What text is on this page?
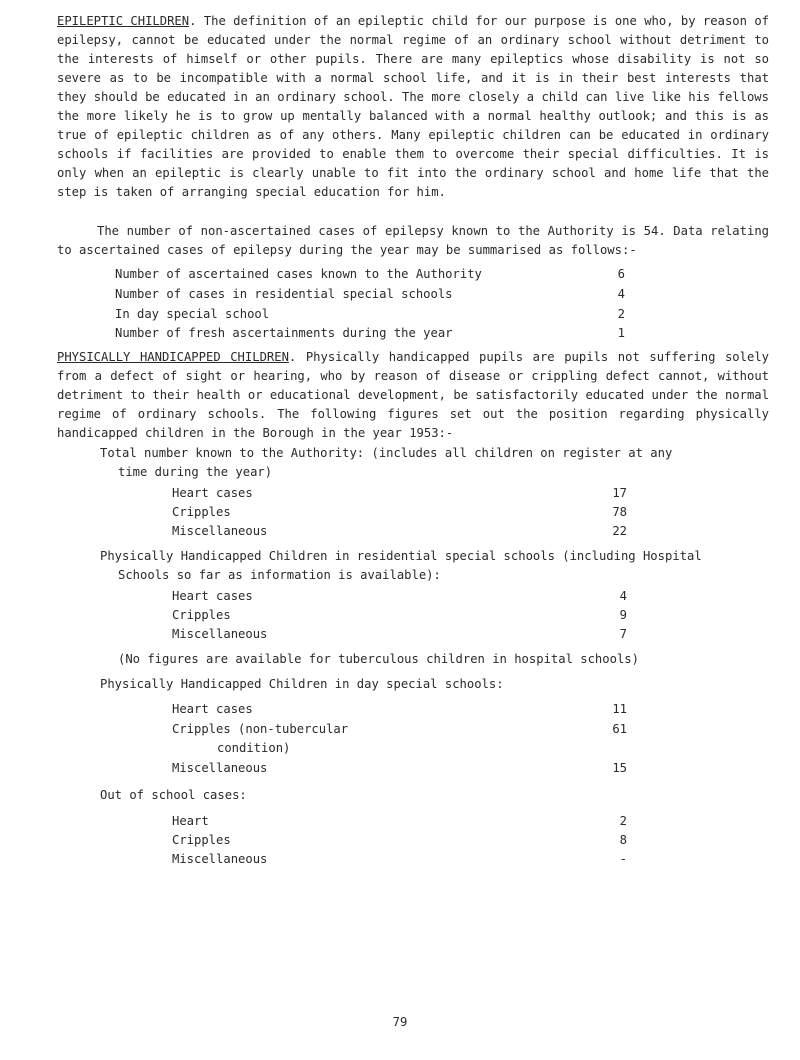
EPILEPTIC CHILDREN. The definition of an epileptic child for our purpose is one who, by reason of epilepsy, cannot be educated under the normal regime of an ordinary school without detriment to the interests of himself or other pupils. There are many epileptics whose disability is not so severe as to be incompatible with a normal school life, and it is in their best interests that they should be educated in an ordinary school. The more closely a child can live like his fellows the more likely he is to grow up mentally balanced with a normal healthy outlook; and this is as true of epileptic children as of any others. Many epileptic children can be educated in ordinary schools if facilities are provided to enable them to overcome their special difficulties. It is only when an epileptic is clearly unable to fit into the ordinary school and home life that the step is taken of arranging special education for him.

The number of non-ascertained cases of epilepsy known to the Authority is 54. Data relating to ascertained cases of epilepsy during the year may be summarised as follows:-

Number of ascertained cases known to the Authority	6
Number of cases in residential special schools	4
In day special school	2
Number of fresh ascertainments during the year	1

PHYSICALLY HANDICAPPED CHILDREN. Physically handicapped pupils are pupils not suffering solely from a defect of sight or hearing, who by reason of disease or crippling defect cannot, without detriment to their health or educational development, be satisfactorily educated under the normal regime of ordinary schools. The following figures set out the position regarding physically handicapped children in the Borough in the year 1953:-

Total number known to the Authority: (includes all children on register at any time during the year)
Heart cases	17
Cripples	78
Miscellaneous	22
Physically Handicapped Children in residential special schools (including Hospital Schools so far as information is available):
Heart cases	4
Cripples	9
Miscellaneous	7
(No figures are available for tuberculous children in hospital schools)
Physically Handicapped Children in day special schools:
Heart cases	11
Cripples (non-tubercular	61
condition)
Miscellaneous	15
Out of school cases:
Heart	2
Cripples	8
Miscellaneous	-
79
